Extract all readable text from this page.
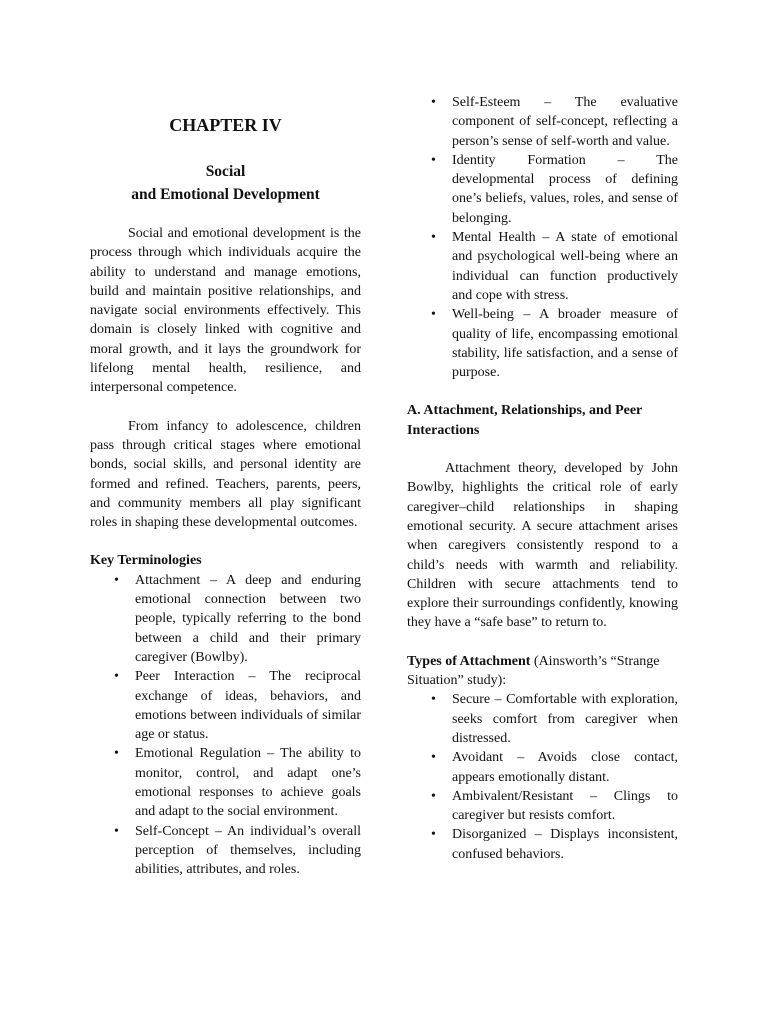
CHAPTER IV
Social
and Emotional Development

Social and emotional development is the process through which individuals acquire the ability to understand and manage emotions, build and maintain positive relationships, and navigate social environments effectively. This domain is closely linked with cognitive and moral growth, and it lays the groundwork for lifelong mental health, resilience, and interpersonal competence.

From infancy to adolescence, children pass through critical stages where emotional bonds, social skills, and personal identity are formed and refined. Teachers, parents, peers, and community members all play significant roles in shaping these developmental outcomes.

Key Terminologies
• Attachment – A deep and enduring emotional connection between two people, typically referring to the bond between a child and their primary caregiver (Bowlby).
• Peer Interaction – The reciprocal exchange of ideas, behaviors, and emotions between individuals of similar age or status.
• Emotional Regulation – The ability to monitor, control, and adapt one’s emotional responses to achieve goals and adapt to the social environment.
• Self-Concept – An individual’s overall perception of themselves, including abilities, attributes, and roles.
• Self-Esteem – The evaluative component of self-concept, reflecting a person’s sense of self-worth and value.
• Identity Formation – The developmental process of defining one’s beliefs, values, roles, and sense of belonging.
• Mental Health – A state of emotional and psychological well-being where an individual can function productively and cope with stress.
• Well-being – A broader measure of quality of life, encompassing emotional stability, life satisfaction, and a sense of purpose.

A. Attachment, Relationships, and Peer Interactions

Attachment theory, developed by John Bowlby, highlights the critical role of early caregiver–child relationships in shaping emotional security. A secure attachment arises when caregivers consistently respond to a child’s needs with warmth and reliability. Children with secure attachments tend to explore their surroundings confidently, knowing they have a “safe base” to return to.

Types of Attachment (Ainsworth’s “Strange Situation” study):

• Secure – Comfortable with exploration, seeks comfort from caregiver when distressed.
• Avoidant – Avoids close contact, appears emotionally distant.
• Ambivalent/Resistant – Clings to caregiver but resists comfort.
• Disorganized – Displays inconsistent, confused behaviors.
